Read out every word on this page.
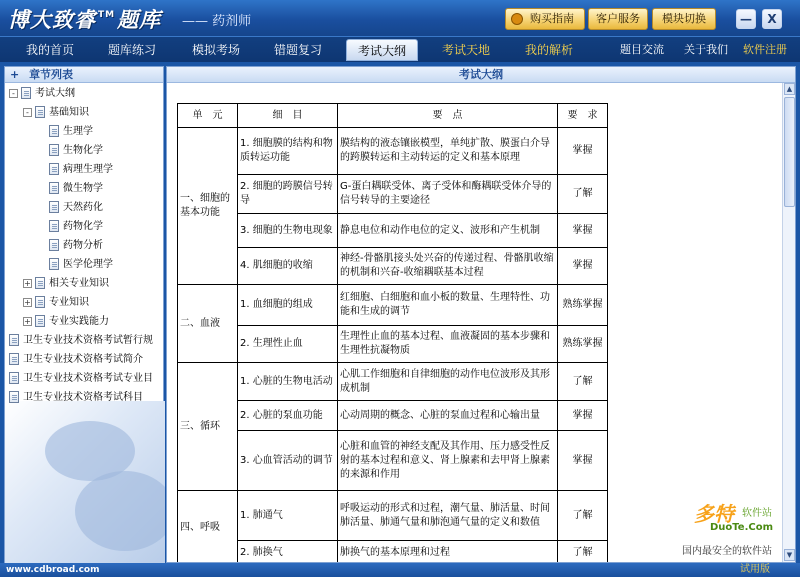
博大致睿 TM 题库 —— 药剂师	购买指南	客户服务	模块切换	—	X
我的首页	题库练习	模拟考场	错题复习	考试大纲	考试天地	我的解析	题目交流	关于我们	软件注册
+ 章节列表
- 考试大纲
- 基础知识
生理学
生物化学
病理生理学
微生物学
天然药化
药物化学
药物分析
医学伦理学
+ 相关专业知识
+ 专业知识
+ 专业实践能力
卫生专业技术资格考试暂行规
卫生专业技术资格考试简介
卫生专业技术资格考试专业目
卫生专业技术资格考试科目
考试大纲
单　元	细　目	要　点	要　求
一、细胞的基本功能	1. 细胞膜的结构和物质转运功能	膜结构的液态镶嵌模型，单纯扩散、膜蛋白介导的跨膜转运和主动转运的定义和基本原理	掌握
	2. 细胞的跨膜信号转导	G-蛋白耦联受体、离子受体和酶耦联受体介导的信号转导的主要途径	了解
	3. 细胞的生物电现象	静息电位和动作电位的定义、波形和产生机制	掌握
	4. 肌细胞的收缩	神经-骨骼肌接头处兴奋的传递过程、骨骼肌收缩的机制和兴奋-收缩耦联基本过程	掌握
二、血液	1. 血细胞的组成	红细胞、白细胞和血小板的数量、生理特性、功能和生成的调节	熟练掌握
	2. 生理性止血	生理性止血的基本过程、血液凝固的基本步骤和生理性抗凝物质	熟练掌握
三、循环	1. 心脏的生物电活动	心肌工作细胞和自律细胞的动作电位波形及其形成机制	了解
	2. 心脏的泵血功能	心动周期的概念、心脏的泵血过程和心输出量	掌握
	3. 心血管活动的调节	心脏和血管的神经支配及其作用、压力感受性反射的基本过程和意义、肾上腺素和去甲肾上腺素的来源和作用	掌握
四、呼吸	1. 肺通气	呼吸运动的形式和过程，潮气量、肺活量、时间肺活量、肺通气量和肺泡通气量的定义和数值	了解
	2. 肺换气	肺换气的基本原理和过程	了解
▲
▼
多特 软件站
DuoTe.Com
国内最安全的软件站
www.cdbroad.com	试用版
